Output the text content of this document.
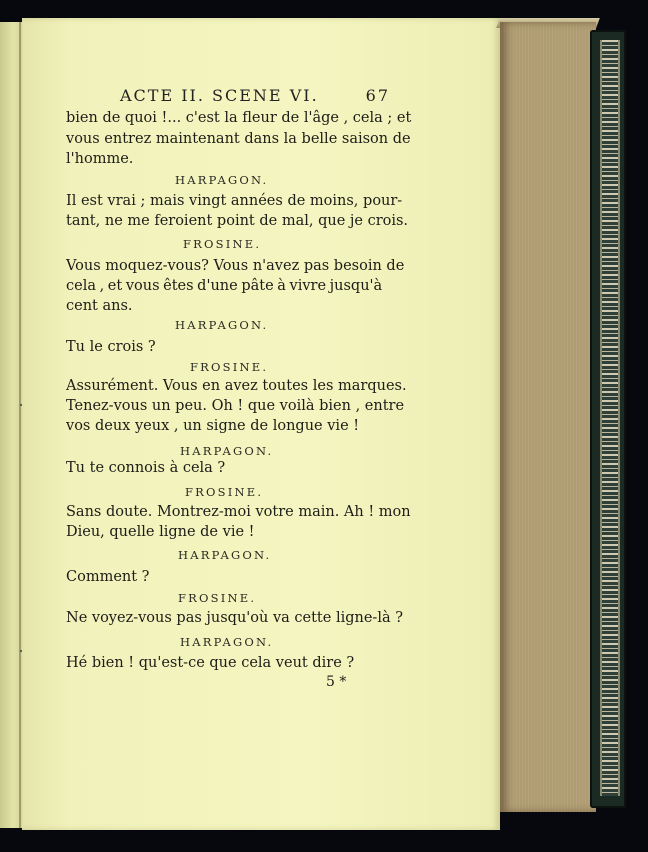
ACTE II. SCENE VI.	67
bien de quoi !... c'est la fleur de l'âge , cela ; et
vous entrez maintenant dans la belle saison de
l'homme.
HARPAGON.
Il est vrai ; mais vingt années de moins, pour-
tant, ne me feroient point de mal, que je crois.
FROSINE.
Vous moquez-vous? Vous n'avez pas besoin de
cela , et vous êtes d'une pâte à vivre jusqu'à
cent ans.
HARPAGON.
Tu le crois ?
FROSINE.
Assurément. Vous en avez toutes les marques.
Tenez-vous un peu. Oh ! que voilà bien , entre
vos deux yeux , un signe de longue vie !
HARPAGON.
Tu te connois à cela ?
FROSINE.
Sans doute. Montrez-moi votre main. Ah ! mon
Dieu, quelle ligne de vie !
HARPAGON.
Comment ?
FROSINE.
Ne voyez-vous pas jusqu'où va cette ligne-là ?
HARPAGON.
Hé bien ! qu'est-ce que cela veut dire ?
5 *
